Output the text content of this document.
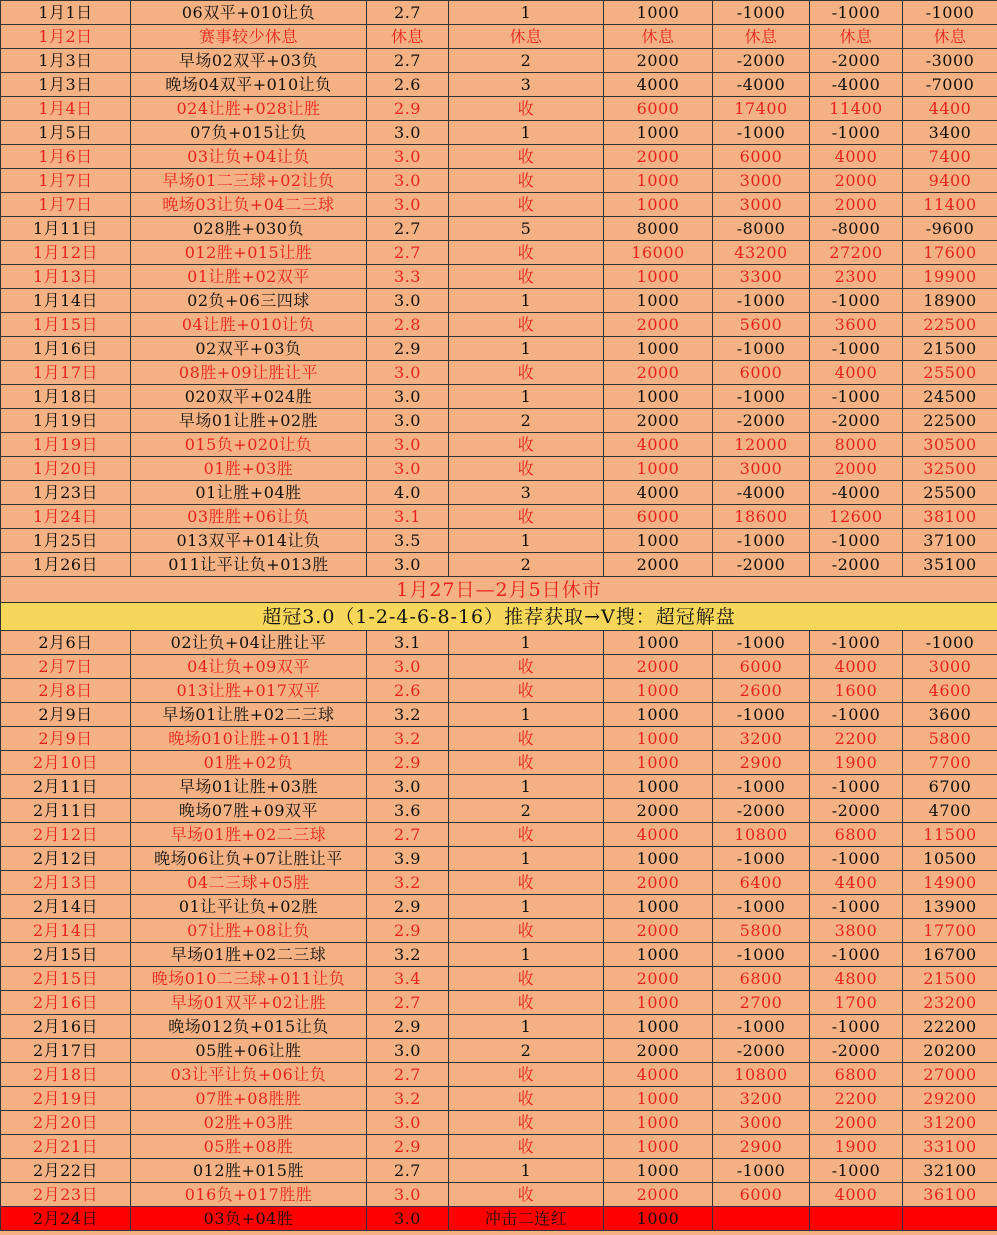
1月1日	06双平+010让负	2.7	1	1000	-1000	-1000	-1000
1月2日	赛事较少休息	休息	休息	休息	休息	休息	休息
1月3日	早场02双平+03负	2.7	2	2000	-2000	-2000	-3000
1月3日	晚场04双平+010让负	2.6	3	4000	-4000	-4000	-7000
1月4日	024让胜+028让胜	2.9	收	6000	17400	11400	4400
1月5日	07负+015让负	3.0	1	1000	-1000	-1000	3400
1月6日	03让负+04让负	3.0	收	2000	6000	4000	7400
1月7日	早场01二三球+02让负	3.0	收	1000	3000	2000	9400
1月7日	晚场03让负+04二三球	3.0	收	1000	3000	2000	11400
1月11日	028胜+030负	2.7	5	8000	-8000	-8000	-9600
1月12日	012胜+015让胜	2.7	收	16000	43200	27200	17600
1月13日	01让胜+02双平	3.3	收	1000	3300	2300	19900
1月14日	02负+06三四球	3.0	1	1000	-1000	-1000	18900
1月15日	04让胜+010让负	2.8	收	2000	5600	3600	22500
1月16日	02双平+03负	2.9	1	1000	-1000	-1000	21500
1月17日	08胜+09让胜让平	3.0	收	2000	6000	4000	25500
1月18日	020双平+024胜	3.0	1	1000	-1000	-1000	24500
1月19日	早场01让胜+02胜	3.0	2	2000	-2000	-2000	22500
1月19日	015负+020让负	3.0	收	4000	12000	8000	30500
1月20日	01胜+03胜	3.0	收	1000	3000	2000	32500
1月23日	01让胜+04胜	4.0	3	4000	-4000	-4000	25500
1月24日	03胜胜+06让负	3.1	收	6000	18600	12600	38100
1月25日	013双平+014让负	3.5	1	1000	-1000	-1000	37100
1月26日	011让平让负+013胜	3.0	2	2000	-2000	-2000	35100
1月27日—2月5日休市							
超冠3.0（1-2-4-6-8-16）推荐获取→V搜：超冠解盘							
2月6日	02让负+04让胜让平	3.1	1	1000	-1000	-1000	-1000
2月7日	04让负+09双平	3.0	收	2000	6000	4000	3000
2月8日	013让胜+017双平	2.6	收	1000	2600	1600	4600
2月9日	早场01让胜+02二三球	3.2	1	1000	-1000	-1000	3600
2月9日	晚场010让胜+011胜	3.2	收	1000	3200	2200	5800
2月10日	01胜+02负	2.9	收	1000	2900	1900	7700
2月11日	早场01让胜+03胜	3.0	1	1000	-1000	-1000	6700
2月11日	晚场07胜+09双平	3.6	2	2000	-2000	-2000	4700
2月12日	早场01胜+02二三球	2.7	收	4000	10800	6800	11500
2月12日	晚场06让负+07让胜让平	3.9	1	1000	-1000	-1000	10500
2月13日	04二三球+05胜	3.2	收	2000	6400	4400	14900
2月14日	01让平让负+02胜	2.9	1	1000	-1000	-1000	13900
2月14日	07让胜+08让负	2.9	收	2000	5800	3800	17700
2月15日	早场01胜+02二三球	3.2	1	1000	-1000	-1000	16700
2月15日	晚场010二三球+011让负	3.4	收	2000	6800	4800	21500
2月16日	早场01双平+02让胜	2.7	收	1000	2700	1700	23200
2月16日	晚场012负+015让负	2.9	1	1000	-1000	-1000	22200
2月17日	05胜+06让胜	3.0	2	2000	-2000	-2000	20200
2月18日	03让平让负+06让负	2.7	收	4000	10800	6800	27000
2月19日	07胜+08胜胜	3.2	收	1000	3200	2200	29200
2月20日	02胜+03胜	3.0	收	1000	3000	2000	31200
2月21日	05胜+08胜	2.9	收	1000	2900	1900	33100
2月22日	012胜+015胜	2.7	1	1000	-1000	-1000	32100
2月23日	016负+017胜胜	3.0	收	2000	6000	4000	36100
2月24日	03负+04胜	3.0	冲击二连红	1000			
